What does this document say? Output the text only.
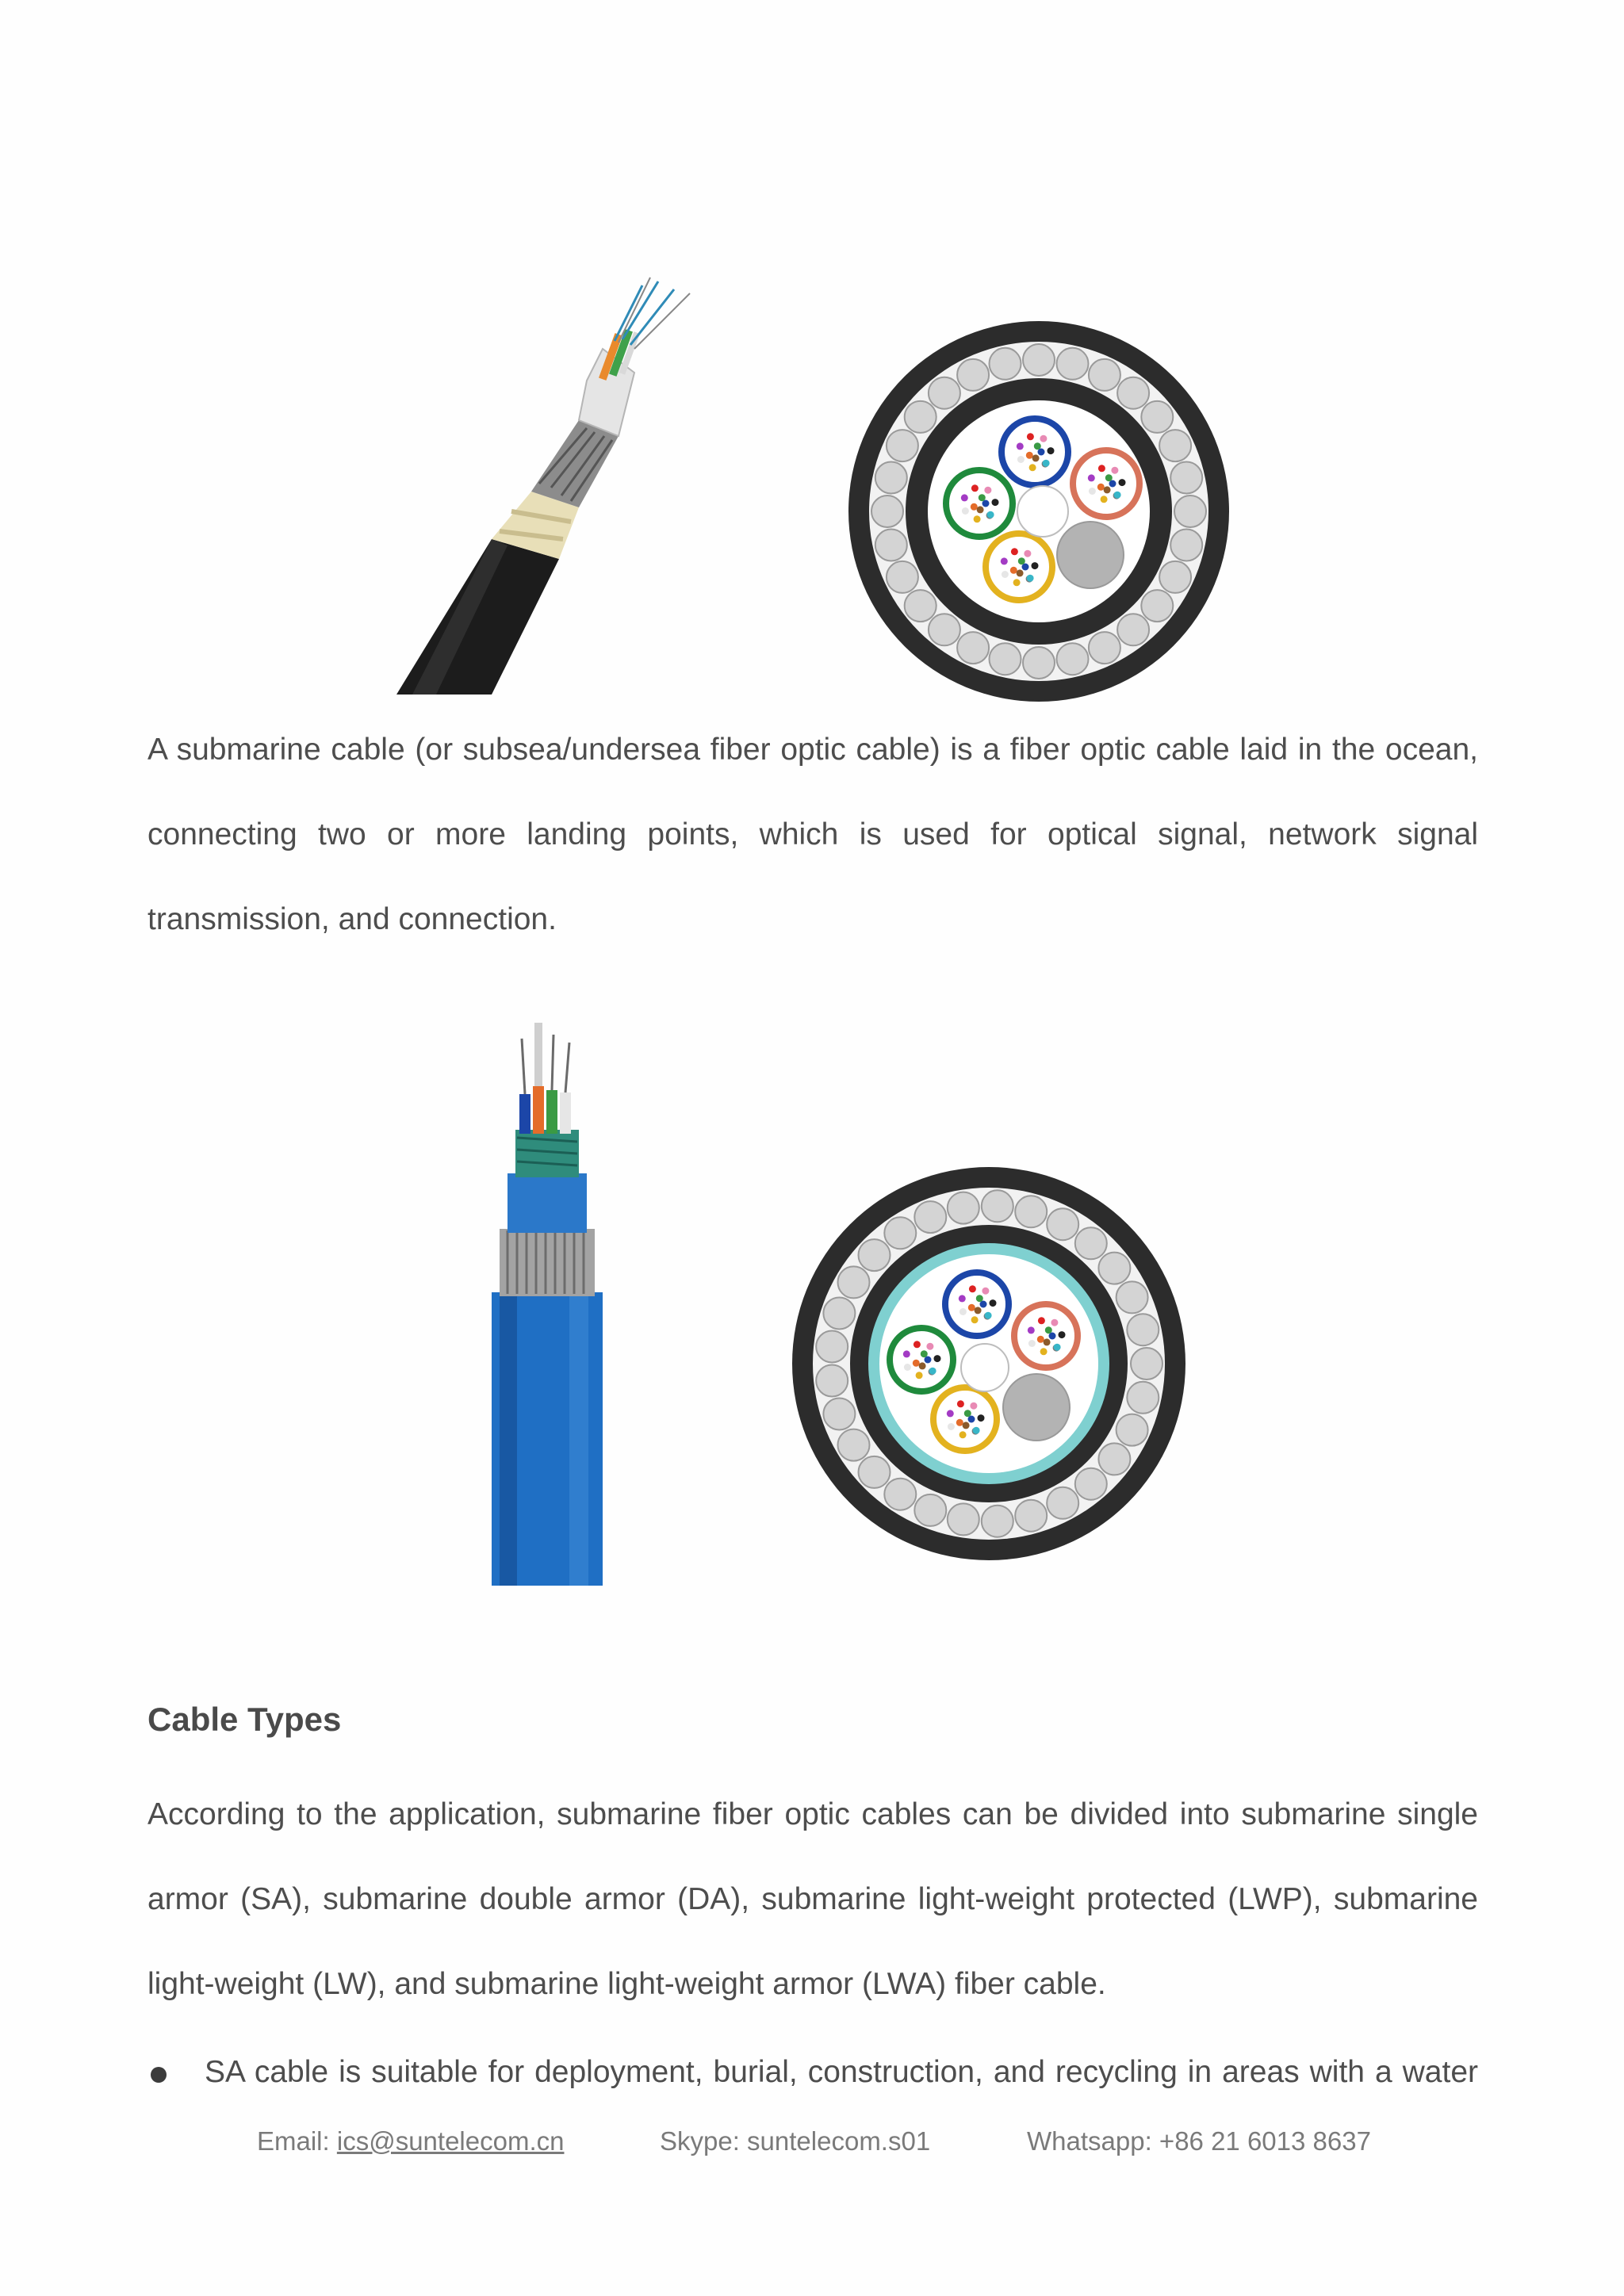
A submarine cable (or subsea/undersea fiber optic cable) is a fiber optic cable laid in the ocean, connecting two or more landing points, which is used for optical signal, network signal transmission, and connection.

Cable Types

According to the application, submarine fiber optic cables can be divided into submarine single armor (SA), submarine double armor (DA), submarine light-weight protected (LWP), submarine light-weight (LW), and submarine light-weight armor (LWA) fiber cable.

SA cable is suitable for deployment, burial, construction, and recycling in areas with a water
Email: ics@suntelecom.cn	Skype: suntelecom.s01	Whatsapp: +86 21 6013 8637
